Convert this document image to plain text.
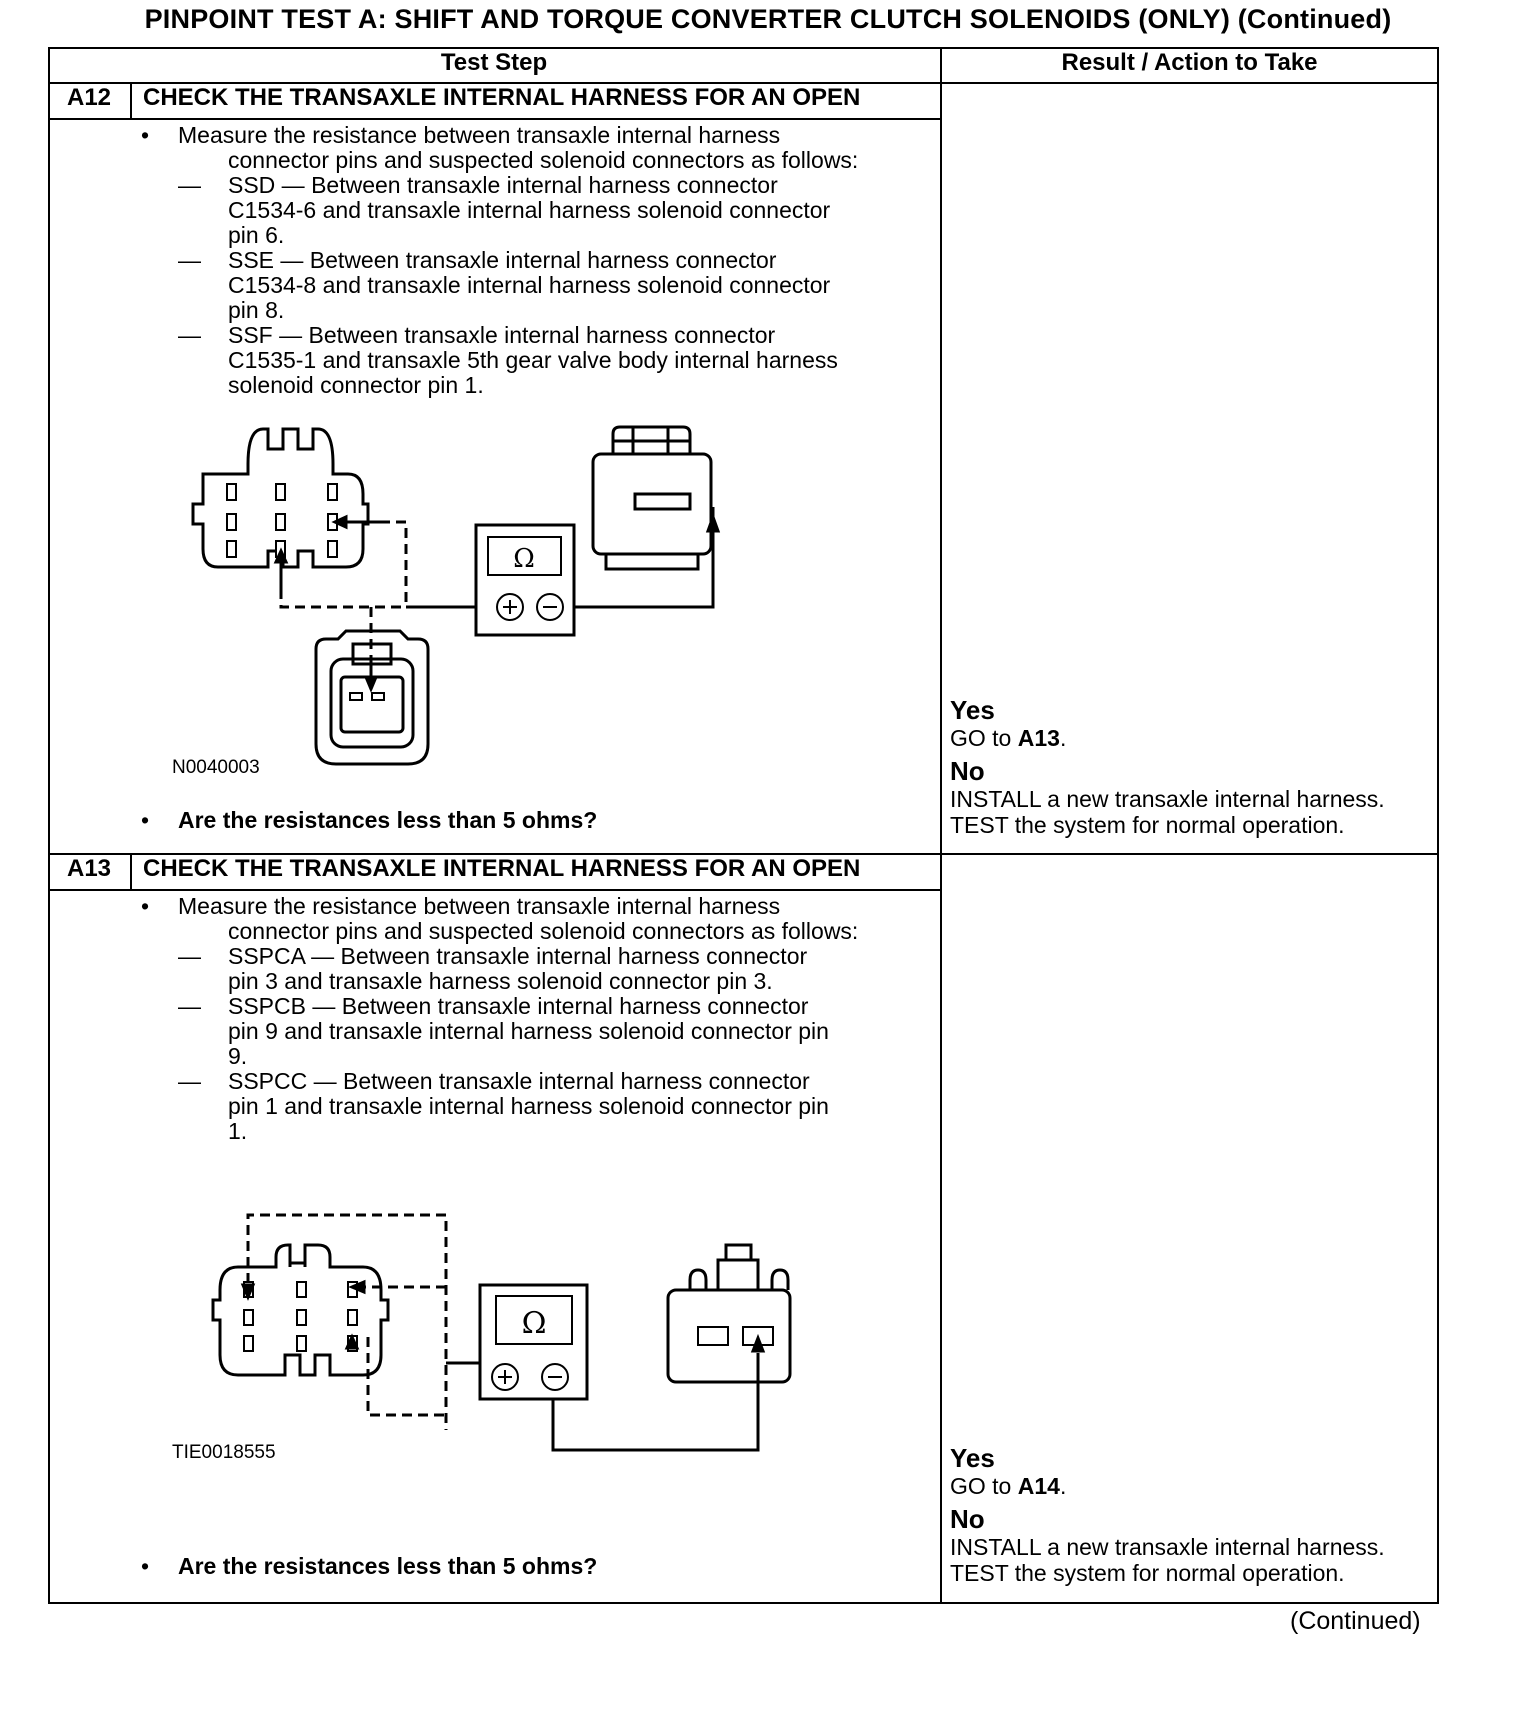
PINPOINT TEST A: SHIFT AND TORQUE CONVERTER CLUTCH SOLENOIDS (ONLY) (Continued)
Test Step	Result / Action to Take
A12	CHECK THE TRANSAXLE INTERNAL HARNESS FOR AN OPEN
• Measure the resistance between transaxle internal harness
connector pins and suspected solenoid connectors as follows:
— SSD — Between transaxle internal harness connector
C1534-6 and transaxle internal harness solenoid connector
pin 6.
— SSE — Between transaxle internal harness connector
C1534-8 and transaxle internal harness solenoid connector
pin 8.
— SSF — Between transaxle internal harness connector
C1535-1 and transaxle 5th gear valve body internal harness
solenoid connector pin 1.
Ω
N0040003
• Are the resistances less than 5 ohms?
Yes
GO to A13.
No
INSTALL a new transaxle internal harness.
TEST the system for normal operation.
A13	CHECK THE TRANSAXLE INTERNAL HARNESS FOR AN OPEN
• Measure the resistance between transaxle internal harness
connector pins and suspected solenoid connectors as follows:
— SSPCA — Between transaxle internal harness connector
pin 3 and transaxle harness solenoid connector pin 3.
— SSPCB — Between transaxle internal harness connector
pin 9 and transaxle internal harness solenoid connector pin
9.
— SSPCC — Between transaxle internal harness connector
pin 1 and transaxle internal harness solenoid connector pin
1.
Ω
TIE0018555
• Are the resistances less than 5 ohms?
Yes
GO to A14.
No
INSTALL a new transaxle internal harness.
TEST the system for normal operation.
(Continued)
